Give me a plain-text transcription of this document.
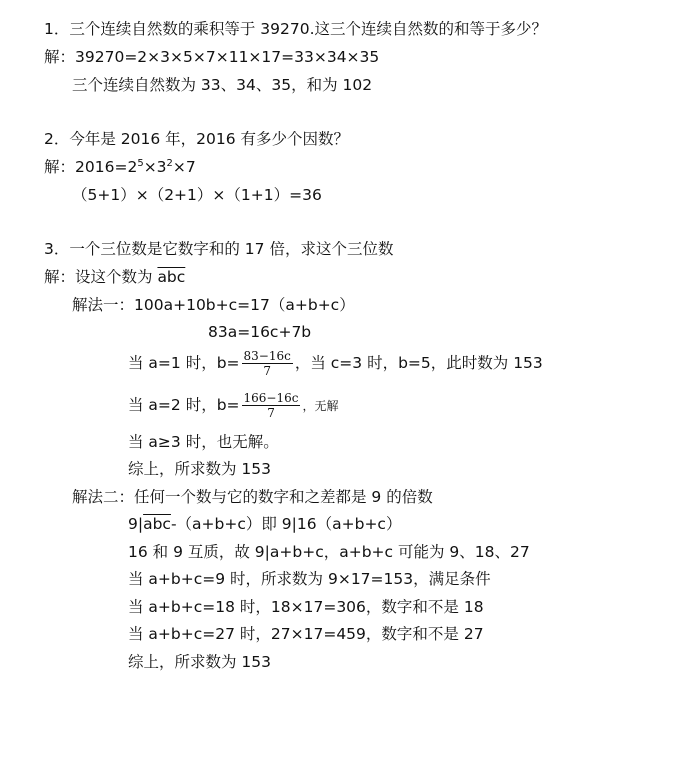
1．三个连续自然数的乘积等于 39270.这三个连续自然数的和等于多少？
解：39270=2×3×5×7×11×17=33×34×35
三个连续自然数为 33、34、35，和为 102
2．今年是 2016 年，2016 有多少个因数？
解：$2016=2^5\times 3^2\times 7$
（5+1）×（2+1）×（1+1）=36
3．一个三位数是它数字和的 17 倍，求这个三位数
解：设这个数为 $\overline{abc}$
解法一：100a+10b+c=17（a+b+c）
83a=16c+7b
当 a=1 时，$b= \frac{83-16c}{7}$ ，当 c=3 时，b=5，此时数为 153
当 a=2 时，$b= \frac{166-16c}{7}$ ，无解
当 a≥3 时，也无解。
综上，所求数为 153
解法二：任何一个数与它的数字和之差都是 9 的倍数
$9|\overline{abc}-(a+b+c)$即 9|16（a+b+c）
16 和 9 互质，故 9|a+b+c，a+b+c 可能为 9、18、27
当 a+b+c=9 时，所求数为 9×17=153，满足条件
当 a+b+c=18 时，18×17=306，数字和不是 18
当 a+b+c=27 时，27×17=459，数字和不是 27
综上，所求数为 153
